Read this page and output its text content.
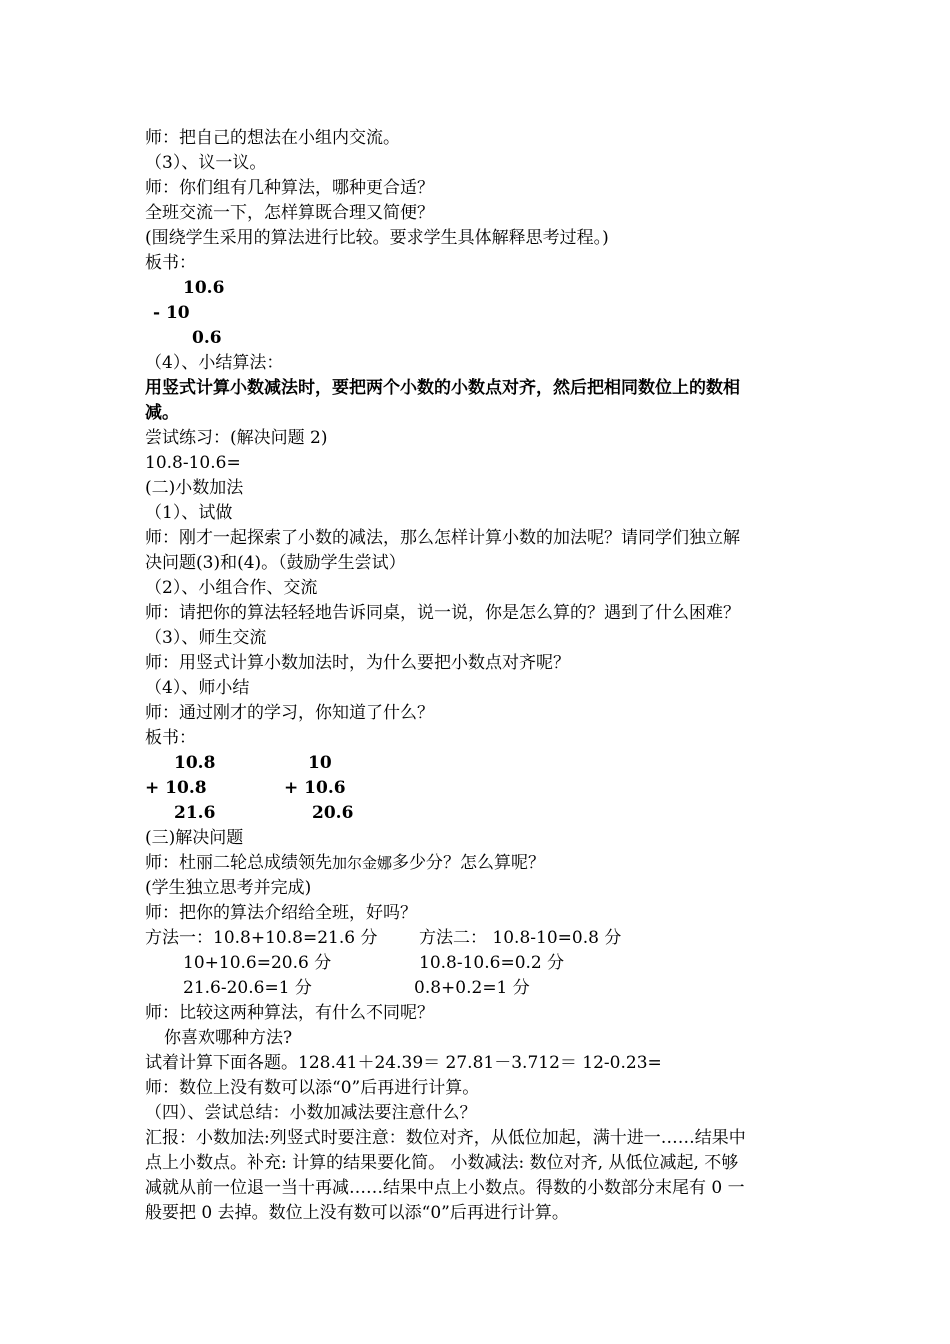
师：把自己的想法在小组内交流。
（3）、议一议。
师：你们组有几种算法，哪种更合适？
全班交流一下，怎样算既合理又简便？
(围绕学生采用的算法进行比较。要求学生具体解释思考过程。)
板书：
10.6
- 10
0.6
（4）、小结算法：
用竖式计算小数减法时，要把两个小数的小数点对齐，然后把相同数位上的数相
减。
尝试练习：(解决问题 2)
10.8-10.6=
(二)小数加法
（1）、试做
师：刚才一起探索了小数的减法，那么怎样计算小数的加法呢？请同学们独立解
决问题(3)和(4)。（鼓励学生尝试）
（2）、小组合作、交流
师：请把你的算法轻轻地告诉同桌，说一说，你是怎么算的？遇到了什么困难？
（3）、师生交流
师：用竖式计算小数加法时，为什么要把小数点对齐呢？
（4）、师小结
师：通过刚才的学习，你知道了什么？
板书：
10.8
+ 10.8
21.6
10
+ 10.6
20.6
(三)解决问题
师：杜丽二轮总成绩领先加尔金娜多少分？怎么算呢？
(学生独立思考并完成)
师：把你的算法介绍给全班，好吗？
方法一：10.8+10.8=21.6 分
10+10.6=20.6 分
21.6-20.6=1 分
方法二： 10.8-10=0.8 分
10.8-10.6=0.2 分
0.8+0.2=1 分
师：比较这两种算法，有什么不同呢？
你喜欢哪种方法?
试着计算下面各题。128.41＋24.39＝ 27.81－3.712＝ 12-0.23=
师：数位上没有数可以添“0”后再进行计算。
（四）、尝试总结：小数加减法要注意什么？
汇报：小数加法:列竖式时要注意：数位对齐，从低位加起，满十进一……结果中
点上小数点。补充: 计算的结果要化简。 小数减法: 数位对齐, 从低位减起, 不够
减就从前一位退一当十再减……结果中点上小数点。得数的小数部分末尾有 0 一
般要把 0 去掉。数位上没有数可以添“0”后再进行计算。
